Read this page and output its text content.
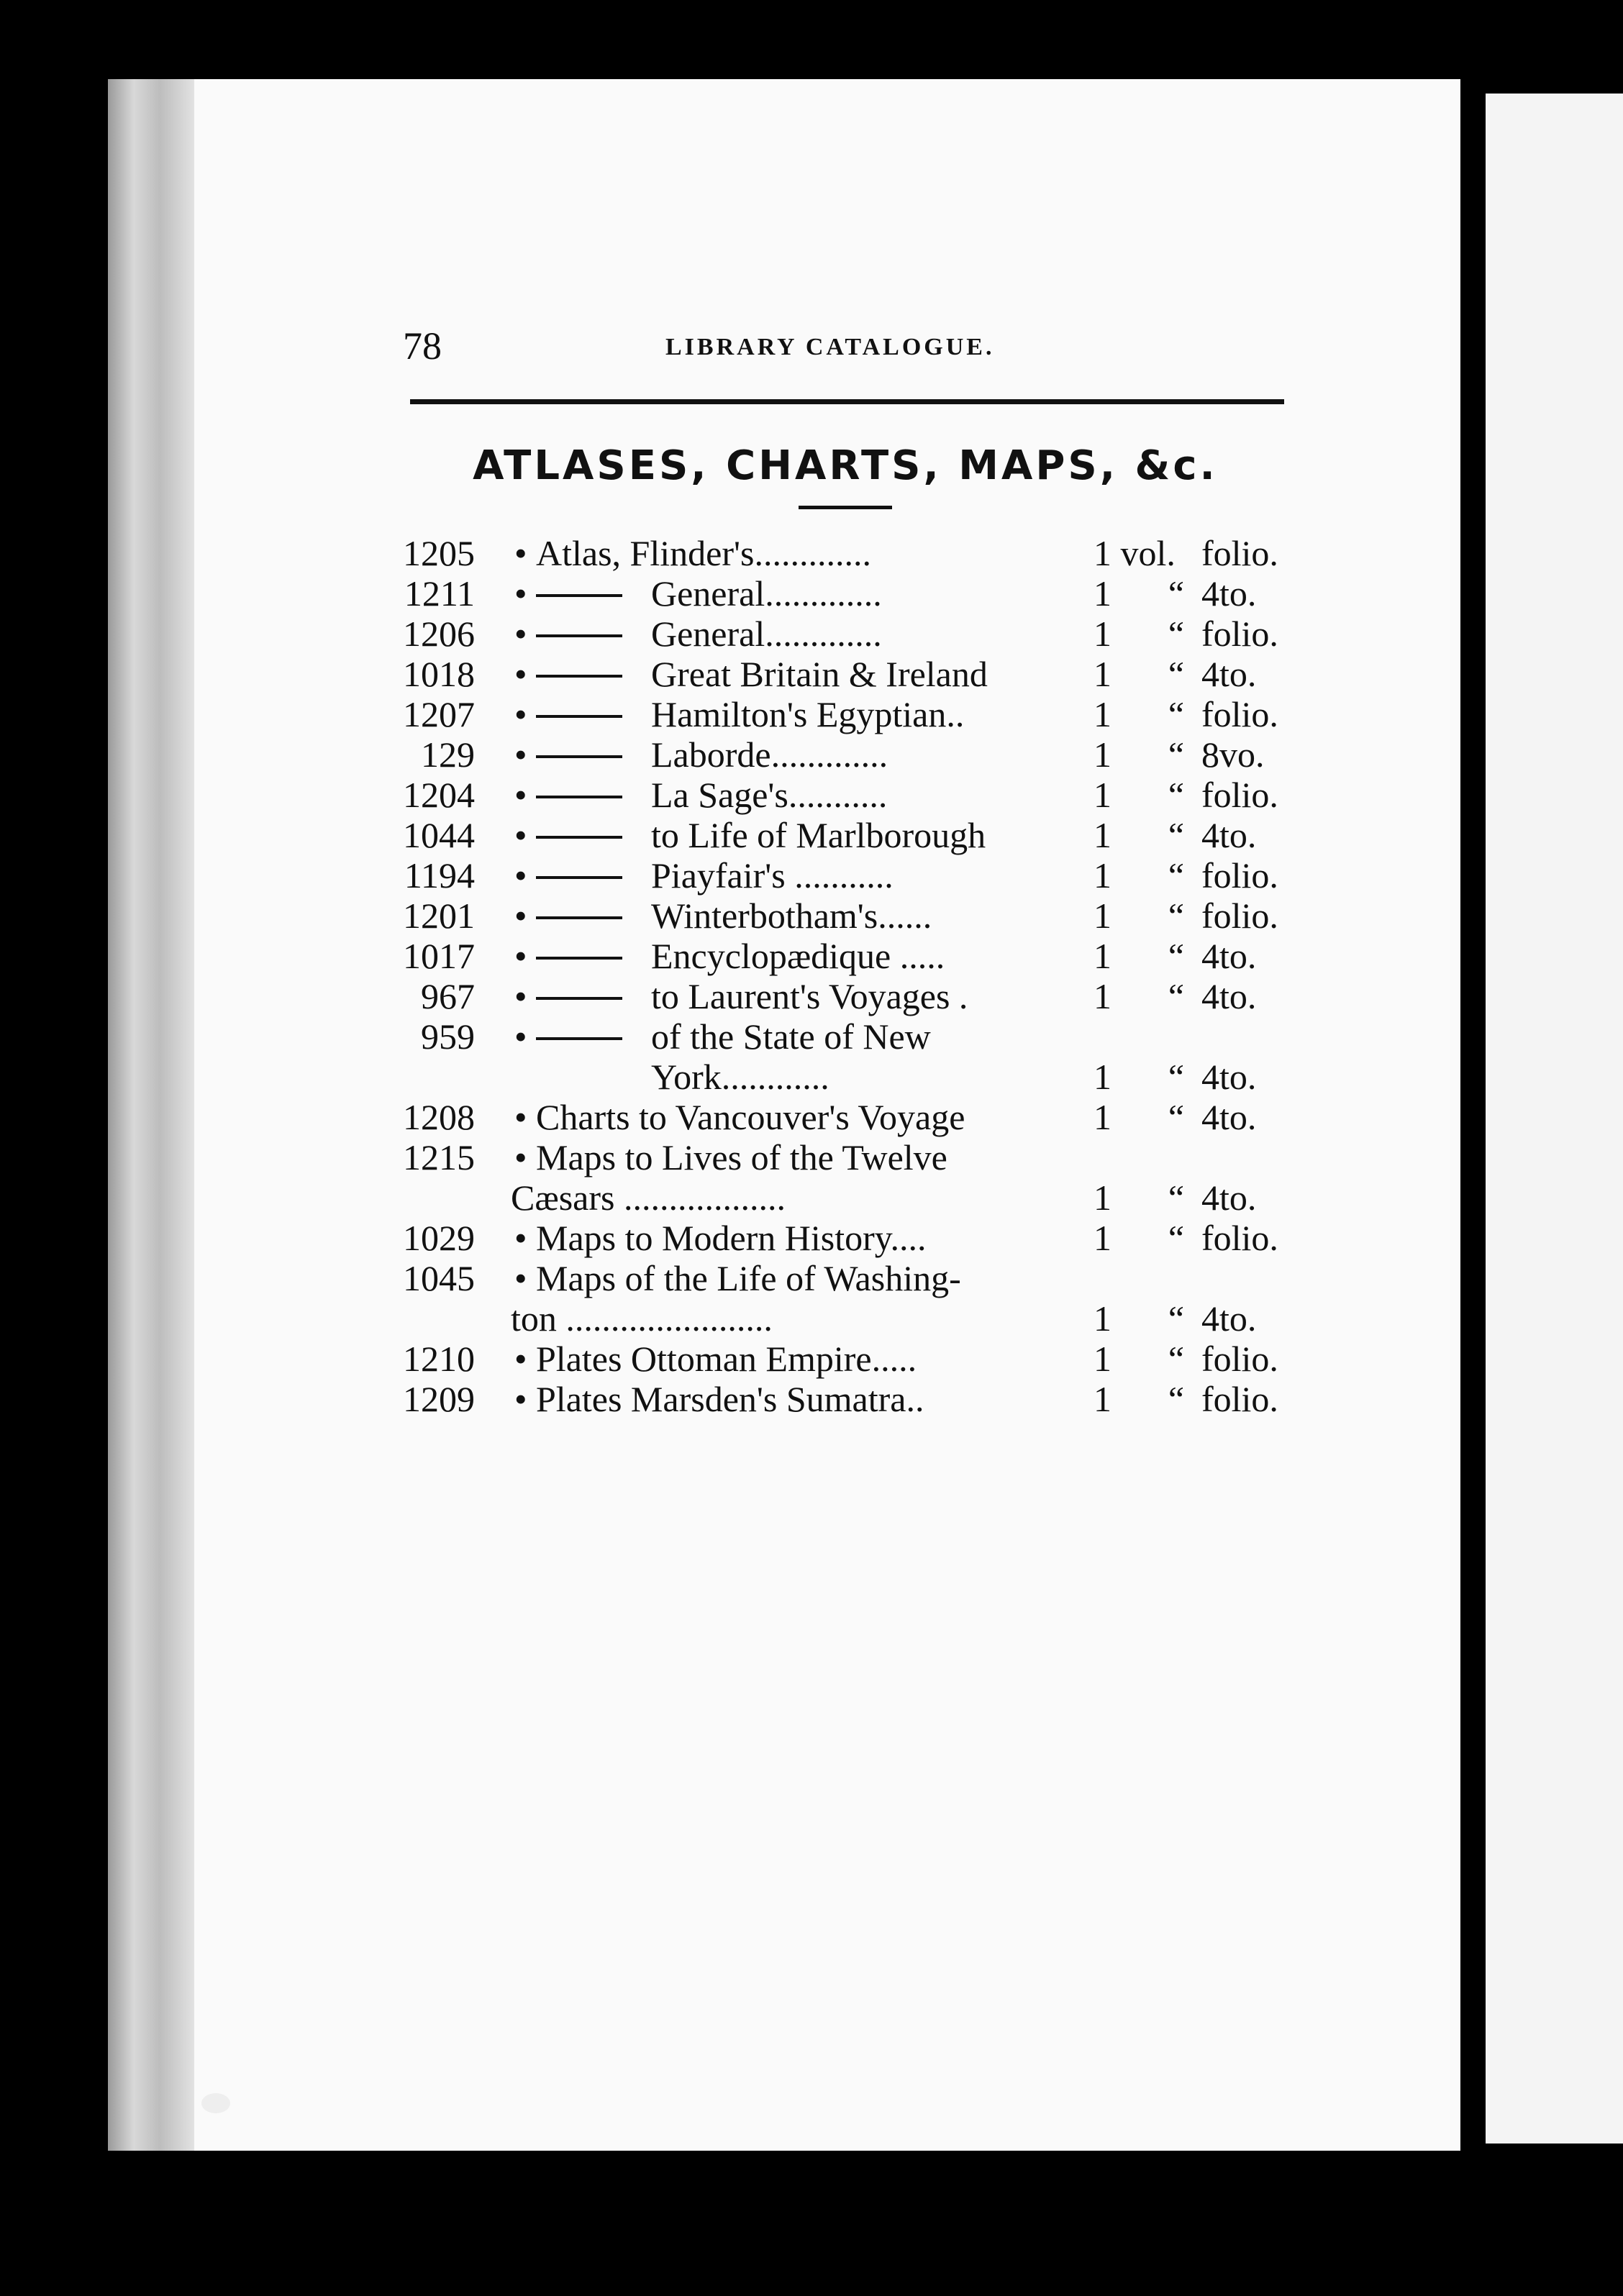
78	LIBRARY CATALOGUE.
ATLASES, CHARTS, MAPS, &c.
1205 • Atlas, Flinder's.............	1 vol. folio.
1211 •	General.............	1	“ 4to.
1206 •	General.............	1	“ folio.
1018 •	Great Britain & Ireland	1	“ 4to.
1207 •	Hamilton's Egyptian..	1	“ folio.
129 •	Laborde.............	1	“ 8vo.
1204 •	La Sage's...........	1	“ folio.
1044 •	to Life of Marlborough	1	“ 4to.
1194 •	Piayfair's ...........	1	“ folio.
1201 •	Winterbotham's......	1	“ folio.
1017 •	Encyclopædique .....	1	“ 4to.
967 •	to Laurent's Voyages .	1	“ 4to.
959 •	of the State of New
York............	1	“ 4to.
1208 • Charts to Vancouver's Voyage	1	“ 4to.
1215 • Maps to Lives of the Twelve
Cæsars ..................	1	“ 4to.
1029 • Maps to Modern History....	1	“ folio.
1045 • Maps of the Life of Washing-
ton .......................	1	“ 4to.
1210 • Plates Ottoman Empire.....	1	“ folio.
1209 • Plates Marsden's Sumatra..	1	“ folio.
